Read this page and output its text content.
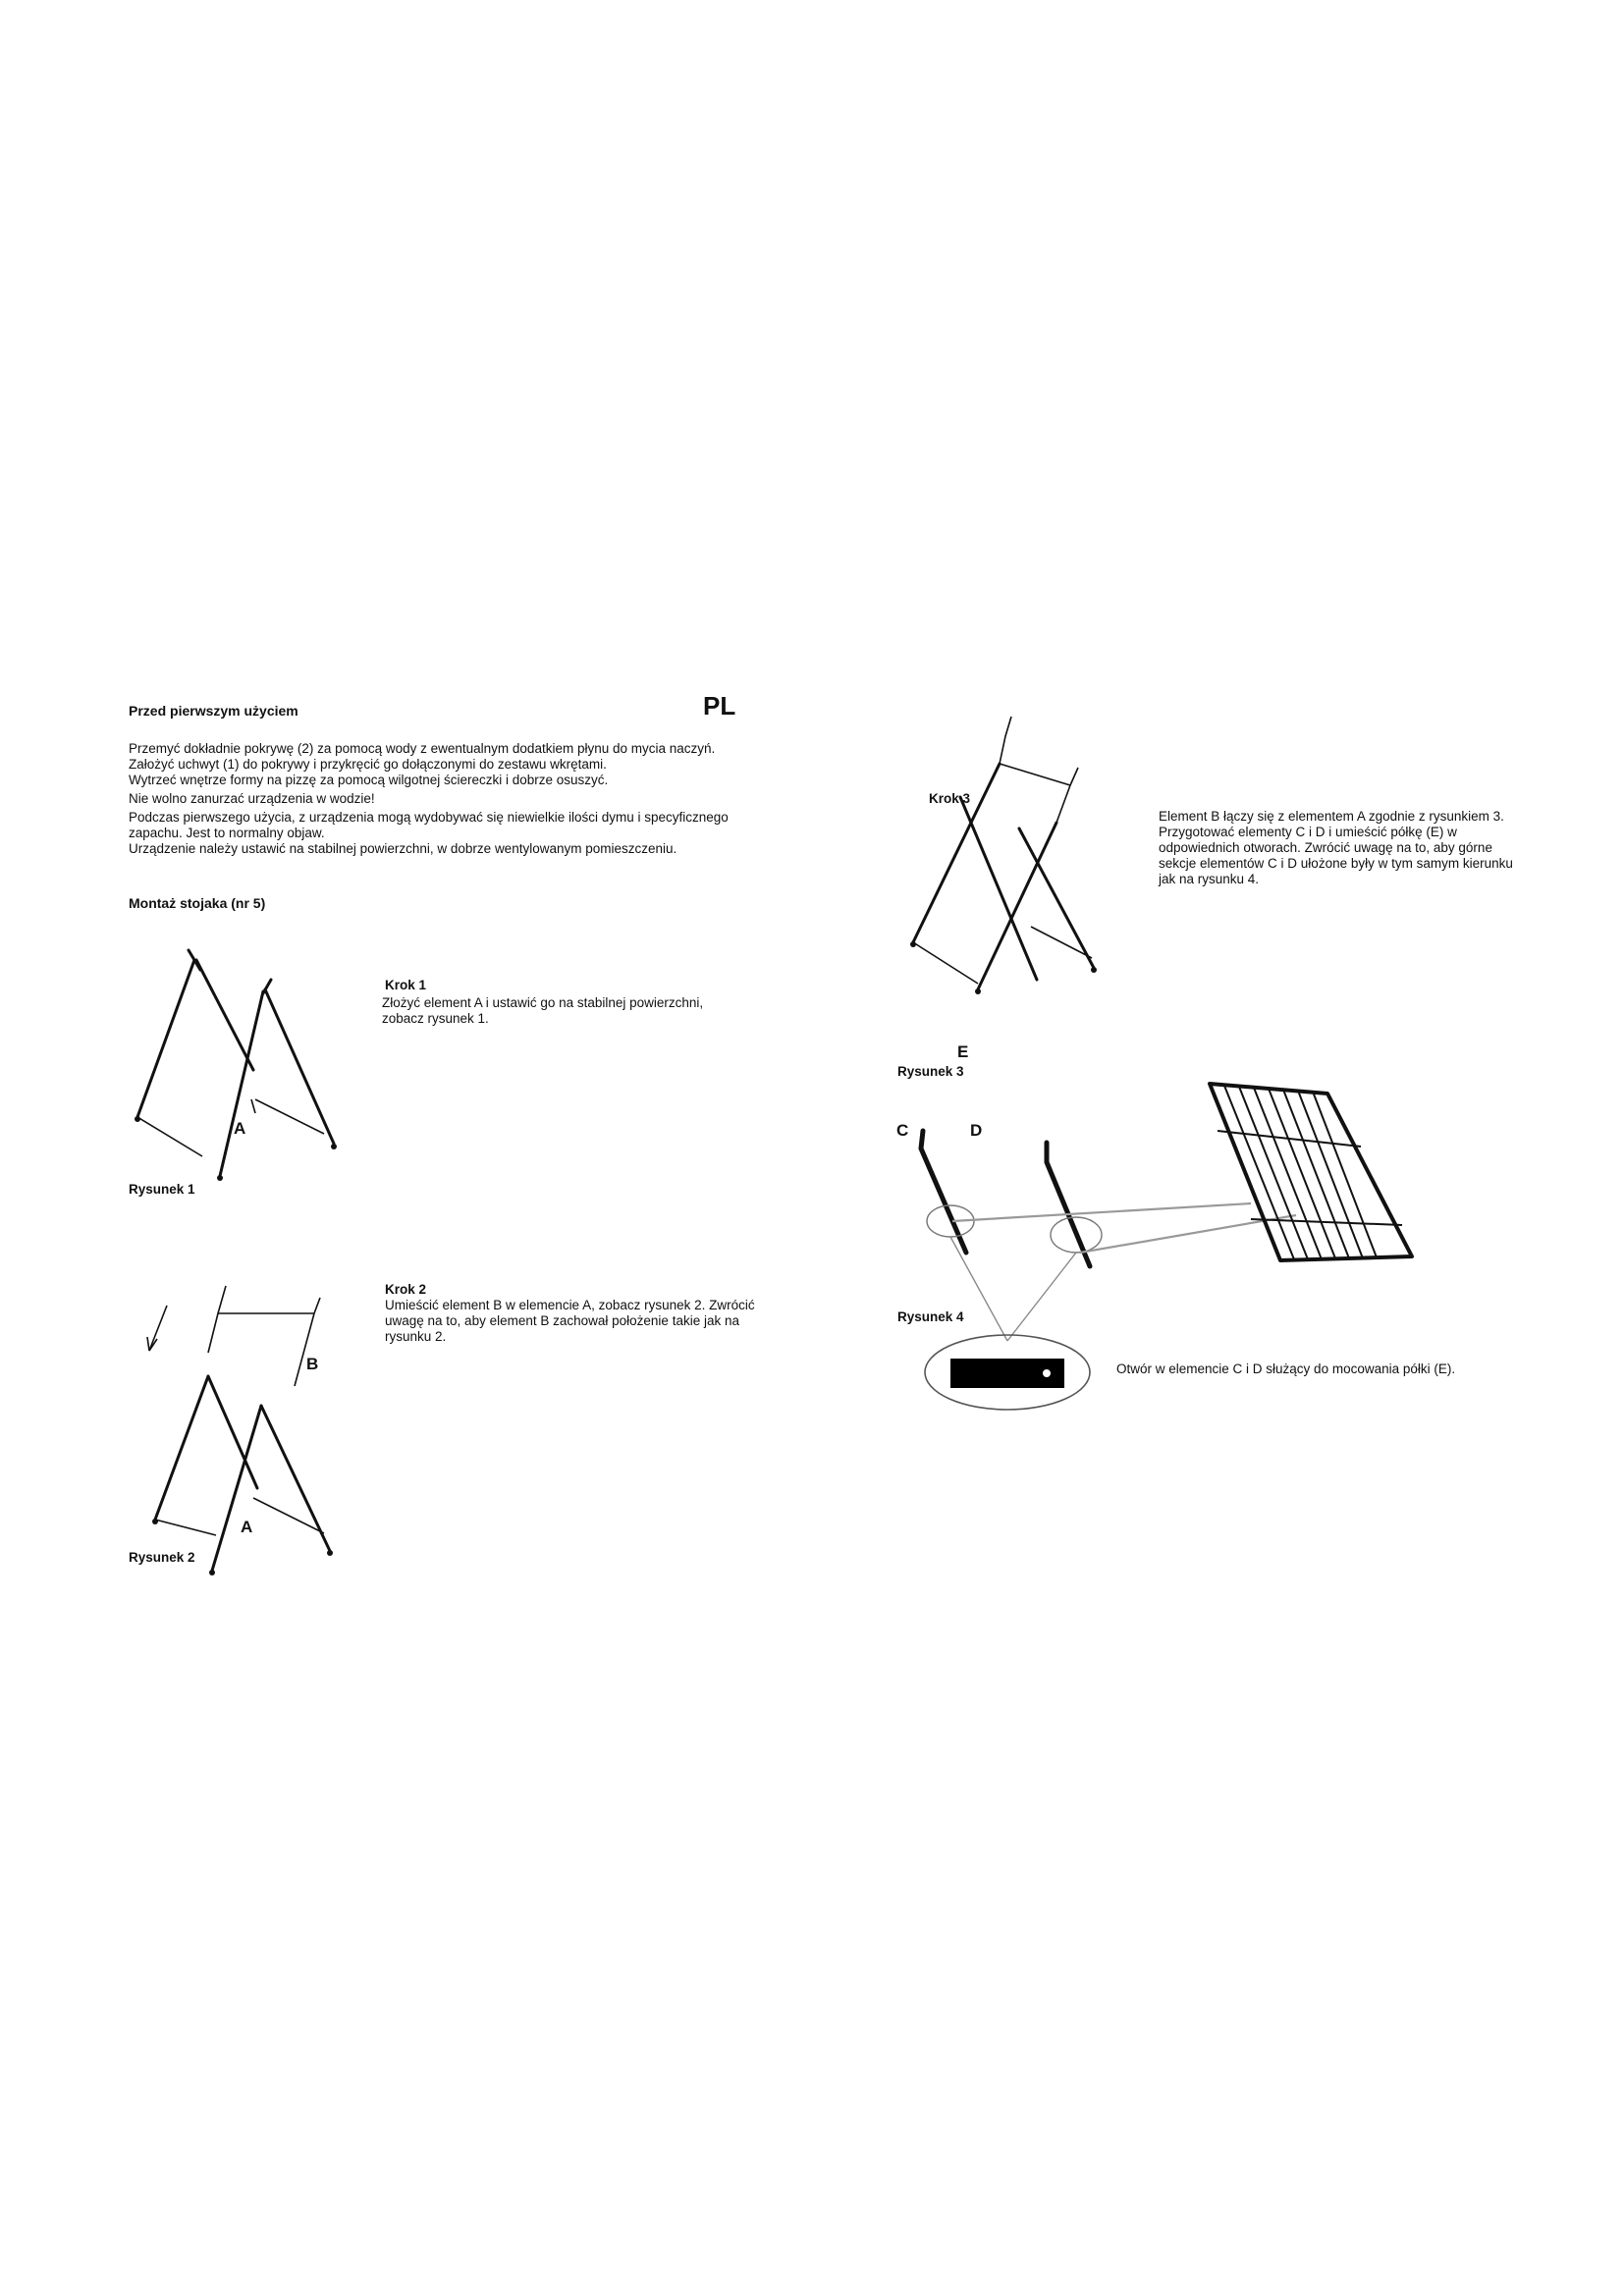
Przed pierwszym użyciem	PL

Przemyć dokładnie pokrywę (2) za pomocą wody z ewentualnym dodatkiem płynu do mycia naczyń.

Założyć uchwyt (1) do pokrywy i przykręcić go dołączonymi do zestawu wkrętami.

Wytrzeć wnętrze formy na pizzę za pomocą wilgotnej ściereczki i dobrze osuszyć.

Nie wolno zanurzać urządzenia w wodzie!

Podczas pierwszego użycia, z urządzenia mogą wydobywać się niewielkie ilości dymu i specyficznego zapachu. Jest to normalny objaw.

Urządzenie należy ustawić na stabilnej powierzchni, w dobrze wentylowanym pomieszczeniu.

Montaż stojaka (nr 5)
Krok 1
Złożyć element A i ustawić go na stabilnej powierzchni, zobacz rysunek 1.
A
Rysunek 1
Krok 2
Umieścić element B w elemencie A, zobacz rysunek 2. Zwrócić uwagę na to, aby element B zachował położenie takie jak na rysunku 2.
B
A
Rysunek 2
Krok 3
Element B łączy się z elementem A zgodnie z rysunkiem 3. Przygotować elementy C i D i umieścić półkę (E) w odpowiednich otworach. Zwrócić uwagę na to, aby górne sekcje elementów C i D ułożone były w tym samym kierunku jak na rysunku 4.
E
Rysunek 3
C	D
Rysunek 4
Otwór w elemencie C i D służący do mocowania półki (E).
